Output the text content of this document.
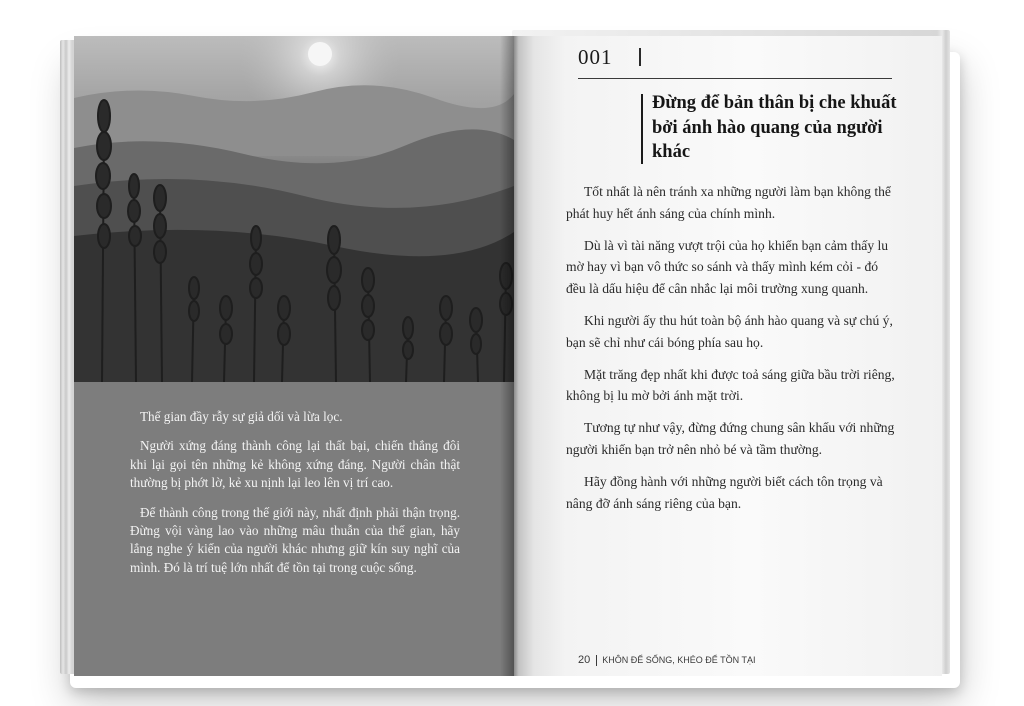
Thế gian đầy rẫy sự giả dối và lừa lọc.

Người xứng đáng thành công lại thất bại, chiến thắng đôi khi lại gọi tên những kẻ không xứng đáng. Người chân thật thường bị phớt lờ, kẻ xu nịnh lại leo lên vị trí cao.

Để thành công trong thế giới này, nhất định phải thận trọng. Đừng vội vàng lao vào những mâu thuẫn của thế gian, hãy lắng nghe ý kiến của người khác nhưng giữ kín suy nghĩ của mình. Đó là trí tuệ lớn nhất để tồn tại trong cuộc sống.

001
Đừng để bản thân bị che khuất bởi ánh hào quang của người khác

Tốt nhất là nên tránh xa những người làm bạn không thể phát huy hết ánh sáng của chính mình.

Dù là vì tài năng vượt trội của họ khiến bạn cảm thấy lu mờ hay vì bạn vô thức so sánh và thấy mình kém cỏi - đó đều là dấu hiệu để cân nhắc lại môi trường xung quanh.

Khi người ấy thu hút toàn bộ ánh hào quang và sự chú ý, bạn sẽ chỉ như cái bóng phía sau họ.

Mặt trăng đẹp nhất khi được toả sáng giữa bầu trời riêng, không bị lu mờ bởi ánh mặt trời.

Tương tự như vậy, đừng đứng chung sân khấu với những người khiến bạn trở nên nhỏ bé và tầm thường.

Hãy đồng hành với những người biết cách tôn trọng và nâng đỡ ánh sáng riêng của bạn.

20 KHÔN ĐỂ SỐNG, KHÉO ĐỂ TỒN TẠI
